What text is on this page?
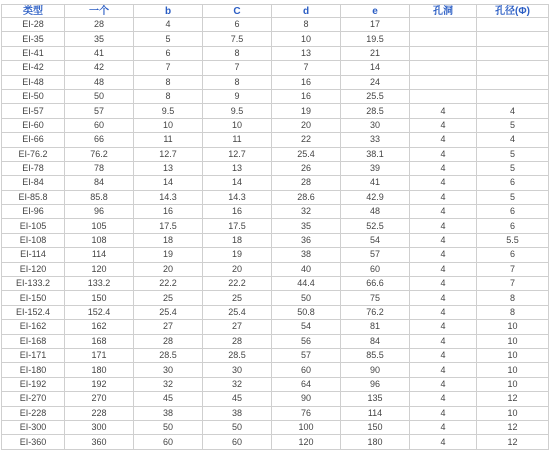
类型	一个	b	C	d	e	孔洞	孔径(Φ)
EI-28	28	4	6	8	17		
EI-35	35	5	7.5	10	19.5		
EI-41	41	6	8	13	21		
EI-42	42	7	7	7	14		
EI-48	48	8	8	16	24		
EI-50	50	8	9	16	25.5		
EI-57	57	9.5	9.5	19	28.5	4	4
EI-60	60	10	10	20	30	4	5
EI-66	66	11	11	22	33	4	4
EI-76.2	76.2	12.7	12.7	25.4	38.1	4	5
EI-78	78	13	13	26	39	4	5
EI-84	84	14	14	28	41	4	6
EI-85.8	85.8	14.3	14.3	28.6	42.9	4	5
EI-96	96	16	16	32	48	4	6
EI-105	105	17.5	17.5	35	52.5	4	6
EI-108	108	18	18	36	54	4	5.5
EI-114	114	19	19	38	57	4	6
EI-120	120	20	20	40	60	4	7
EI-133.2	133.2	22.2	22.2	44.4	66.6	4	7
EI-150	150	25	25	50	75	4	8
EI-152.4	152.4	25.4	25.4	50.8	76.2	4	8
EI-162	162	27	27	54	81	4	10
EI-168	168	28	28	56	84	4	10
EI-171	171	28.5	28.5	57	85.5	4	10
EI-180	180	30	30	60	90	4	10
EI-192	192	32	32	64	96	4	10
EI-270	270	45	45	90	135	4	12
EI-228	228	38	38	76	114	4	10
EI-300	300	50	50	100	150	4	12
EI-360	360	60	60	120	180	4	12
